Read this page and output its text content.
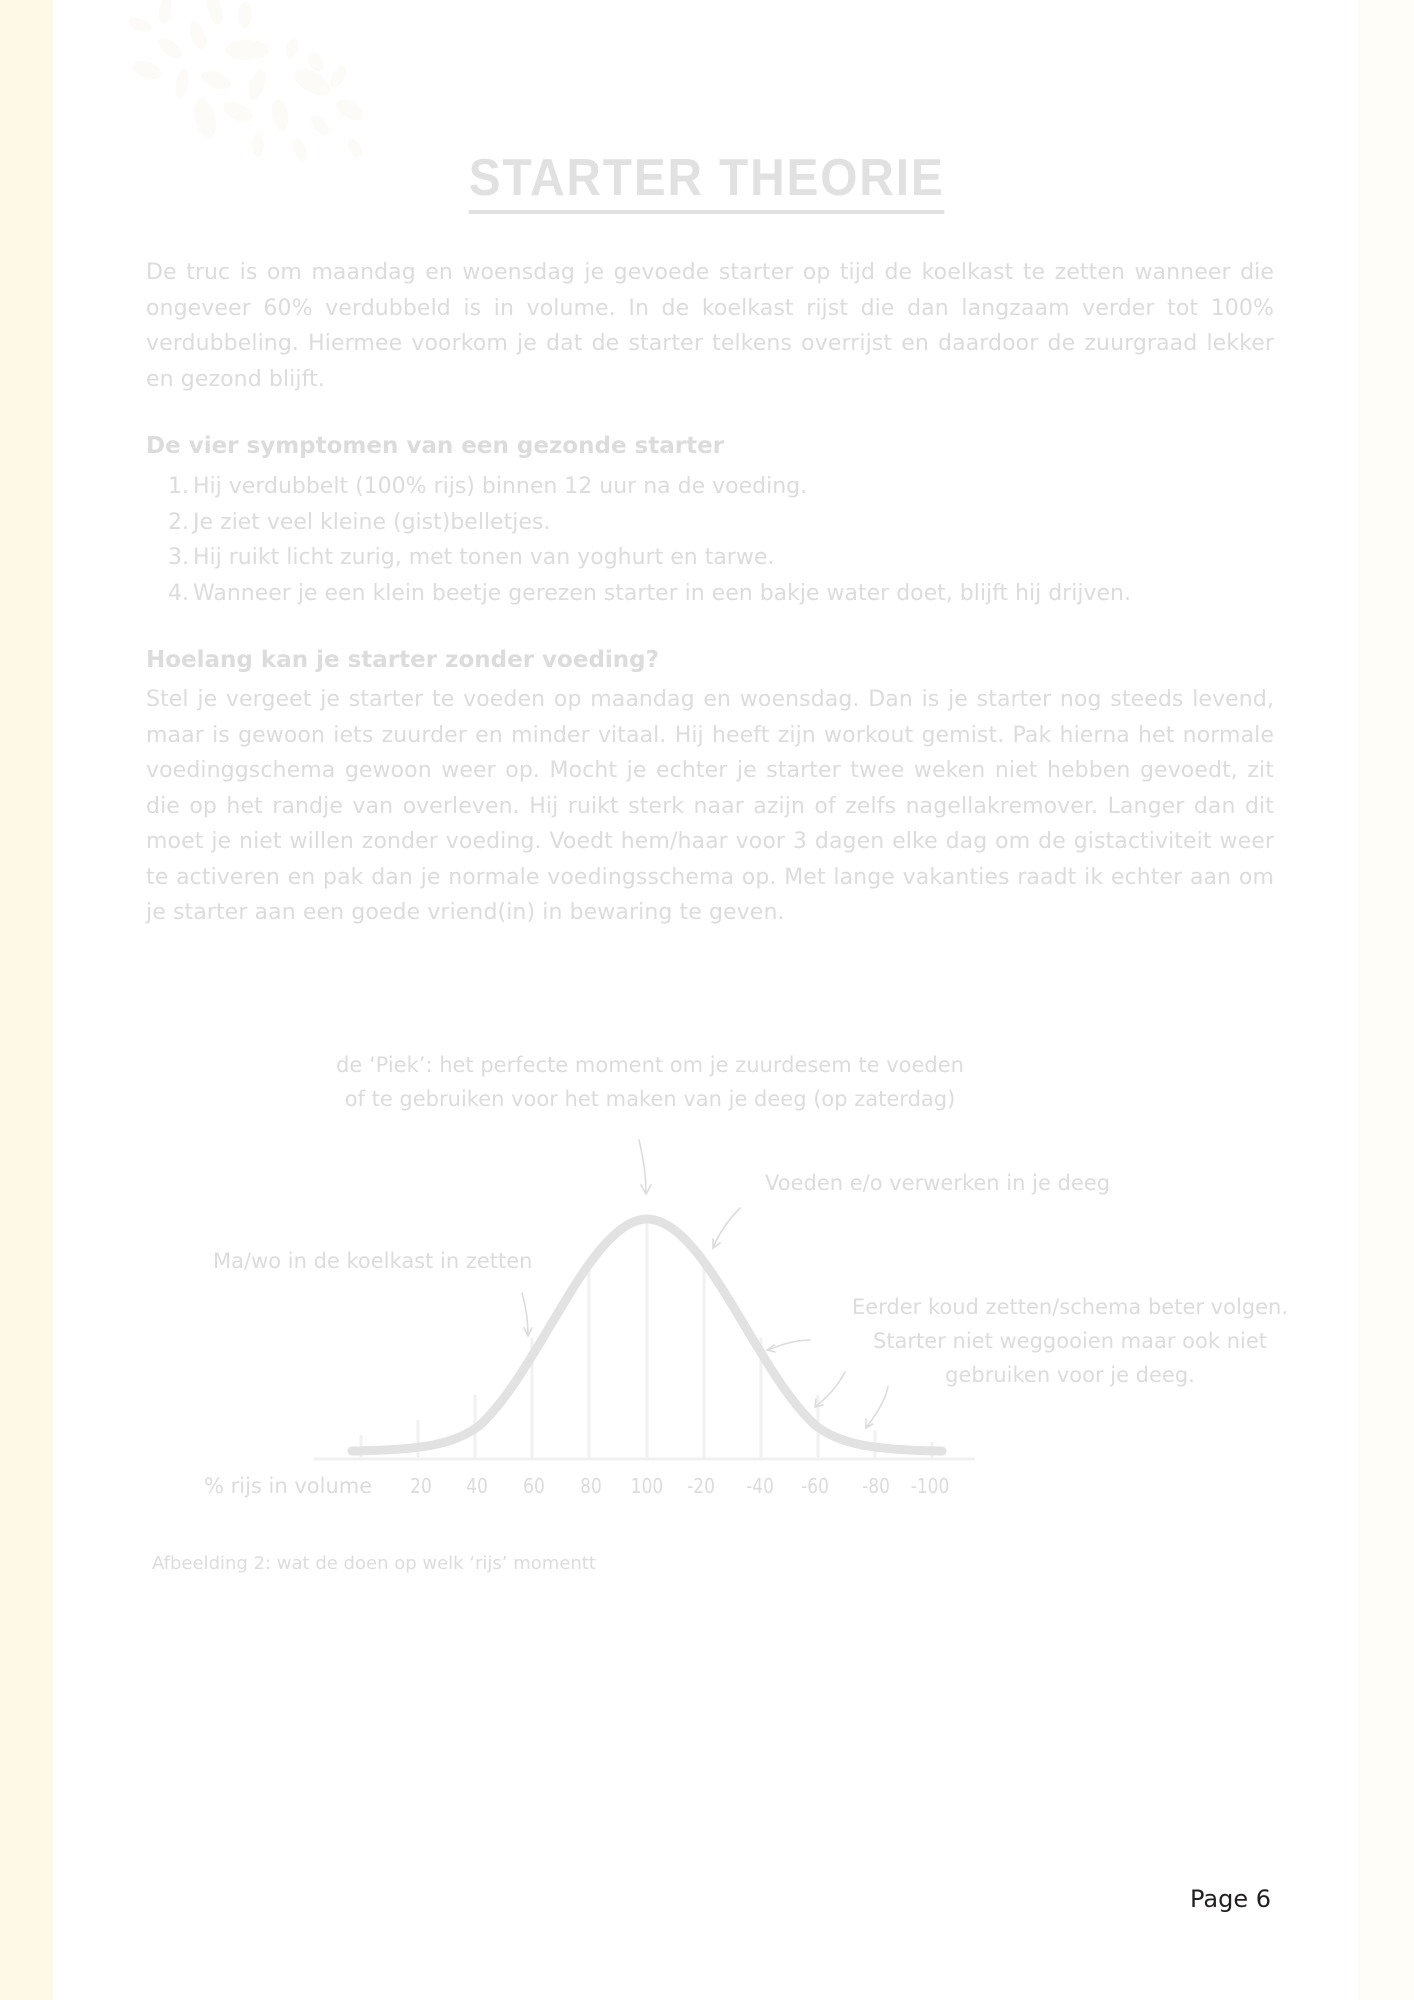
STARTER THEORIE
De truc is om maandag en woensdag je gevoede starter op tijd de koelkast te zetten wanneer die ongeveer 60% verdubbeld is in volume. In de koelkast rijst die dan langzaam verder tot 100% verdubbeling. Hiermee voorkom je dat de starter telkens overrijst en daardoor de zuurgraad lekker en gezond blijft.
De vier symptomen van een gezonde starter
1. Hij verdubbelt (100% rijs) binnen 12 uur na de voeding.
2. Je ziet veel kleine (gist)belletjes.
3. Hij ruikt licht zurig, met tonen van yoghurt en tarwe.
4. Wanneer je een klein beetje gerezen starter in een bakje water doet, blijft hij drijven.
Hoelang kan je starter zonder voeding?
Stel je vergeet je starter te voeden op maandag en woensdag. Dan is je starter nog steeds levend, maar is gewoon iets zuurder en minder vitaal. Hij heeft zijn workout gemist. Pak hierna het normale voedinggschema gewoon weer op. Mocht je echter je starter twee weken niet hebben gevoedt, zit die op het randje van overleven. Hij ruikt sterk naar azijn of zelfs nagellakremover. Langer dan dit moet je niet willen zonder voeding. Voedt hem/haar voor 3 dagen elke dag om de gistactiviteit weer te activeren en pak dan je normale voedingsschema op. Met lange vakanties raadt ik echter aan om je starter aan een goede vriend(in) in bewaring te geven.
de ‘Piek’: het perfecte moment om je zuurdesem te voeden
of te gebruiken voor het maken van je deeg (op zaterdag)
Voeden e/o verwerken in je deeg
Ma/wo in de koelkast in zetten
Eerder koud zetten/schema beter volgen.
Starter niet weggooien maar ook niet
gebruiken voor je deeg.
% rijs in volume 20 40 60 80 100 -20 -40 -60 -80 -100
Afbeelding 2: wat de doen op welk ‘rijs’ momentt
Page 6
